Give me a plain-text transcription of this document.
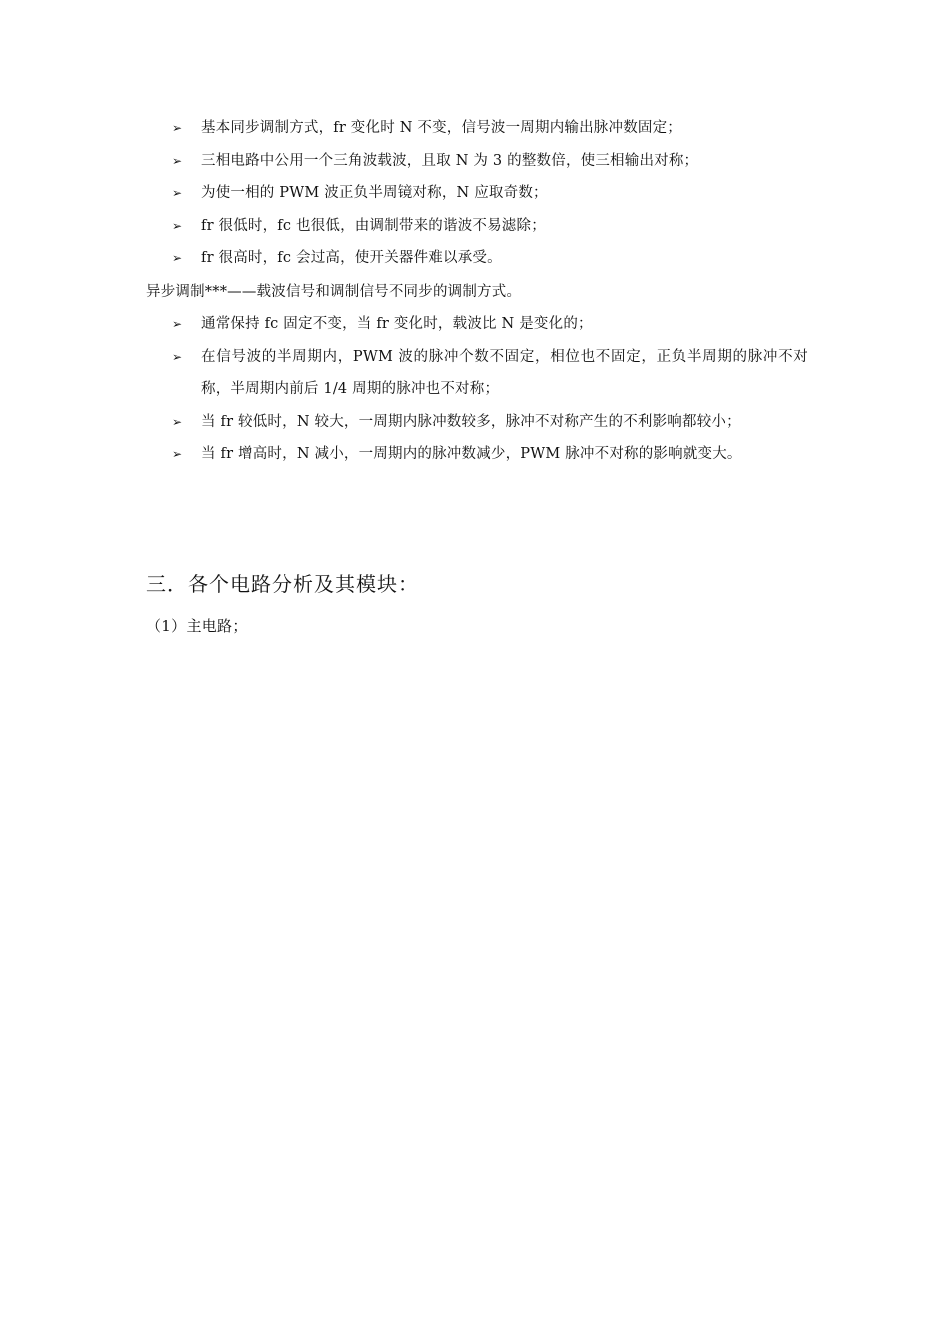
➢ 基本同步调制方式，fr 变化时 N 不变，信号波一周期内输出脉冲数固定；
➢ 三相电路中公用一个三角波载波，且取 N 为 3 的整数倍，使三相输出对称；
➢ 为使一相的 PWM 波正负半周镜对称，N 应取奇数；
➢ fr 很低时，fc 也很低，由调制带来的谐波不易滤除；
➢ fr 很高时，fc 会过高，使开关器件难以承受。
异步调制***——载波信号和调制信号不同步的调制方式。
➢ 通常保持 fc 固定不变，当 fr 变化时，载波比 N 是变化的；
➢ 在信号波的半周期内，PWM 波的脉冲个数不固定，相位也不固定，正负半周期的脉冲不对称，半周期内前后 1/4 周期的脉冲也不对称；
➢ 当 fr 较低时，N 较大，一周期内脉冲数较多，脉冲不对称产生的不利影响都较小；
➢ 当 fr 增高时，N 减小，一周期内的脉冲数减少，PWM 脉冲不对称的影响就变大。
三．各个电路分析及其模块：
（1）主电路；
